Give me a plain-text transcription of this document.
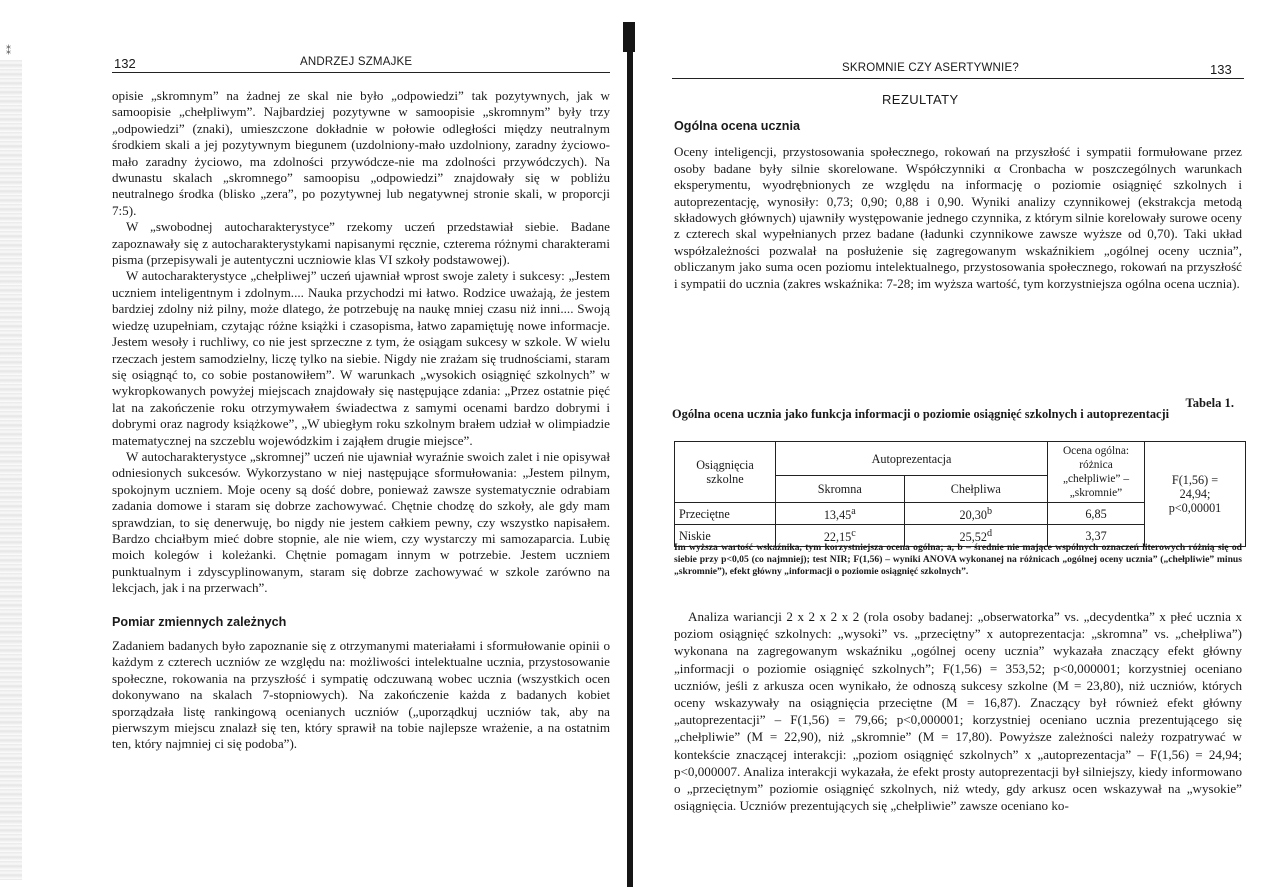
⁑
132	ANDRZEJ SZMAJKE

opisie „skromnym” na żadnej ze skal nie było „odpowiedzi” tak pozytywnych, jak w samoopisie „chełpliwym”. Najbardziej pozytywne w samoopisie „skromnym” były trzy „odpowiedzi” (znaki), umieszczone dokładnie w połowie odległości między neutralnym środkiem skali a jej pozytywnym biegunem (uzdolniony-mało uzdolniony, zaradny życiowo-mało zaradny życiowo, ma zdolności przywódcze-nie ma zdolności przywódczych). Na dwunastu skalach „skromnego” samoopisu „odpowiedzi” znajdowały się w pobliżu neutralnego środka (blisko „zera”, po pozytywnej lub negatywnej stronie skali, w proporcji 7:5).

W „swobodnej autocharakterystyce” rzekomy uczeń przedstawiał siebie. Badane zapoznawały się z autocharakterystykami napisanymi ręcznie, czterema różnymi charakterami pisma (przepisywali je autentyczni uczniowie klas VI szkoły podstawowej).

W autocharakterystyce „chełpliwej” uczeń ujawniał wprost swoje zalety i sukcesy: „Jestem uczniem inteligentnym i zdolnym.... Nauka przychodzi mi łatwo. Rodzice uważają, że jestem bardziej zdolny niż pilny, może dlatego, że potrzebuję na naukę mniej czasu niż inni.... Swoją wiedzę uzupełniam, czytając różne książki i czasopisma, łatwo zapamiętuję nowe informacje. Jestem wesoły i ruchliwy, co nie jest sprzeczne z tym, że osiągam sukcesy w szkole. W wielu rzeczach jestem samodzielny, liczę tylko na siebie. Nigdy nie zrażam się trudnościami, staram się osiągnąć to, co sobie postanowiłem”. W warunkach „wysokich osiągnięć szkolnych” w wykropkowanych powyżej miejscach znajdowały się następujące zdania: „Przez ostatnie pięć lat na zakończenie roku otrzymywałem świadectwa z samymi ocenami bardzo dobrymi i dobrymi oraz nagrody książkowe”, „W ubiegłym roku szkolnym brałem udział w olimpiadzie matematycznej na szczeblu wojewódzkim i zająłem drugie miejsce”.

W autocharakterystyce „skromnej” uczeń nie ujawniał wyraźnie swoich zalet i nie opisywał odniesionych sukcesów. Wykorzystano w niej następujące sformułowania: „Jestem pilnym, spokojnym uczniem. Moje oceny są dość dobre, ponieważ zawsze systematycznie odrabiam zadania domowe i staram się dobrze zachowywać. Chętnie chodzę do szkoły, ale gdy mam sprawdzian, to się denerwuję, bo nigdy nie jestem całkiem pewny, czy wszystko napisałem. Bardzo chciałbym mieć dobre stopnie, ale nie wiem, czy wystarczy mi samozaparcia. Lubię moich kolegów i koleżanki. Chętnie pomagam innym w potrzebie. Jestem uczniem punktualnym i zdyscyplinowanym, staram się dobrze zachowywać w szkole zarówno na lekcjach, jak i na przerwach”.

Pomiar zmiennych zależnych

Zadaniem badanych było zapoznanie się z otrzymanymi materiałami i sformułowanie opinii o każdym z czterech uczniów ze względu na: możliwości intelektualne ucznia, przystosowanie społeczne, rokowania na przyszłość i sympatię odczuwaną wobec ucznia (wszystkich ocen dokonywano na skalach 7-stopniowych). Na zakończenie każda z badanych kobiet sporządzała listę rankingową ocenianych uczniów („uporządkuj uczniów tak, aby na pierwszym miejscu znalazł się ten, który sprawił na tobie najlepsze wrażenie, a na ostatnim ten, który najmniej ci się podoba”).

SKROMNIE CZY ASERTYWNIE?	133
REZULTATY

Ogólna ocena ucznia

Oceny inteligencji, przystosowania społecznego, rokowań na przyszłość i sympatii formułowane przez osoby badane były silnie skorelowane. Współczynniki α Cronbacha w poszczególnych warunkach eksperymentu, wyodrębnionych ze względu na informację o poziomie osiągnięć szkolnych i autoprezentację, wynosiły: 0,73; 0,90; 0,88 i 0,90. Wyniki analizy czynnikowej (ekstrakcja metodą składowych głównych) ujawniły występowanie jednego czynnika, z którym silnie korelowały surowe oceny z czterech skal wypełnianych przez badane (ładunki czynnikowe zawsze wyższe od 0,70). Taki układ współzależności pozwalał na posłużenie się zagregowanym wskaźnikiem „ogólnej oceny ucznia”, obliczanym jako suma ocen poziomu intelektualnego, przystosowania społecznego, rokowań na przyszłość i sympatii do ucznia (zakres wskaźnika: 7-28; im wyższa wartość, tym korzystniejsza ogólna ocena ucznia).

Tabela 1.
Ogólna ocena ucznia jako funkcja informacji o poziomie osiągnięć szkolnych i autoprezentacji
Osiągnięcia szkolne	Autoprezentacja		Ocena ogólna: różnica „chełpliwie” – „skromnie”	F(1,56) =
24,94;
p<0,00001

	Skromna	Chełpliwa		
Przeciętne	13,45$^a$	20,30$^b$	6,85	
Niskie	22,15$^c$	25,52$^d$	3,37	
Im wyższa wartość wskaźnika, tym korzystniejsza ocena ogólna; a, b – średnie nie mające wspólnych oznaczeń literowych różnią się od siebie przy p<0,05 (co najmniej); test NIR; F(1,56) – wyniki ANOVA wykonanej na różnicach „ogólnej oceny ucznia” („chełpliwie” minus „skromnie”), efekt główny „informacji o poziomie osiągnięć szkolnych”.

Analiza wariancji 2 x 2 x 2 x 2 (rola osoby badanej: „obserwatorka” vs. „decydentka” x płeć ucznia x poziom osiągnięć szkolnych: „wysoki” vs. „przeciętny” x autoprezentacja: „skromna” vs. „chełpliwa”) wykonana na zagregowanym wskaźniku „ogólnej oceny ucznia” wykazała znaczący efekt główny „informacji o poziomie osiągnięć szkolnych”; F(1,56) = 353,52; p<0,000001; korzystniej oceniano uczniów, jeśli z arkusza ocen wynikało, że odnoszą sukcesy szkolne (M = 23,80), niż uczniów, których oceny wskazywały na osiągnięcia przeciętne (M = 16,87). Znaczący był również efekt główny „autoprezentacji” – F(1,56) = 79,66; p<0,000001; korzystniej oceniano ucznia prezentującego się „chełpliwie” (M = 22,90), niż „skromnie” (M = 17,80). Powyższe zależności należy rozpatrywać w kontekście znaczącej interakcji: „poziom osiągnięć szkolnych” x „autoprezentacja” – F(1,56) = 24,94; p<0,000007. Analiza interakcji wykazała, że efekt prosty autoprezentacji był silniejszy, kiedy informowano o „przeciętnym” poziomie osiągnięć szkolnych, niż wtedy, gdy arkusz ocen wskazywał na „wysokie” osiągnięcia. Uczniów prezentujących się „chełpliwie” zawsze oceniano ko-
